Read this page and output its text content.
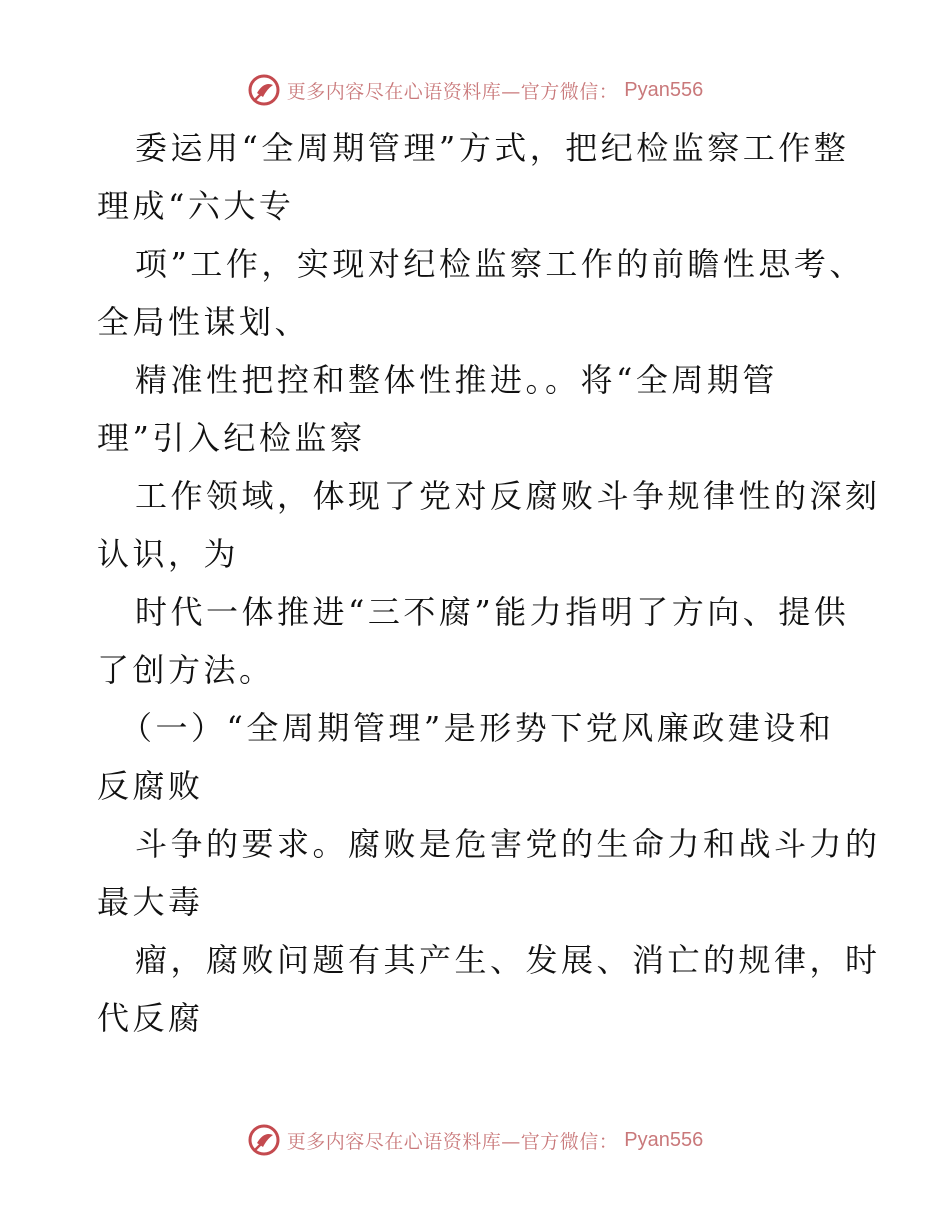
更多内容尽在心语资料库—官方微信： Pyan556
委运用“全周期管理”方式，把纪检监察工作整
理成“六大专
项”工作，实现对纪检监察工作的前瞻性思考、
全局性谋划、
精准性把控和整体性推进。。将“全周期管
理”引入纪检监察
工作领域，体现了党对反腐败斗争规律性的深刻
认识，为
时代一体推进“三不腐”能力指明了方向、提供
了创方法。
（一）“全周期管理”是形势下党风廉政建设和
反腐败
斗争的要求。腐败是危害党的生命力和战斗力的
最大毒
瘤，腐败问题有其产生、发展、消亡的规律，时
代反腐
更多内容尽在心语资料库—官方微信： Pyan556
